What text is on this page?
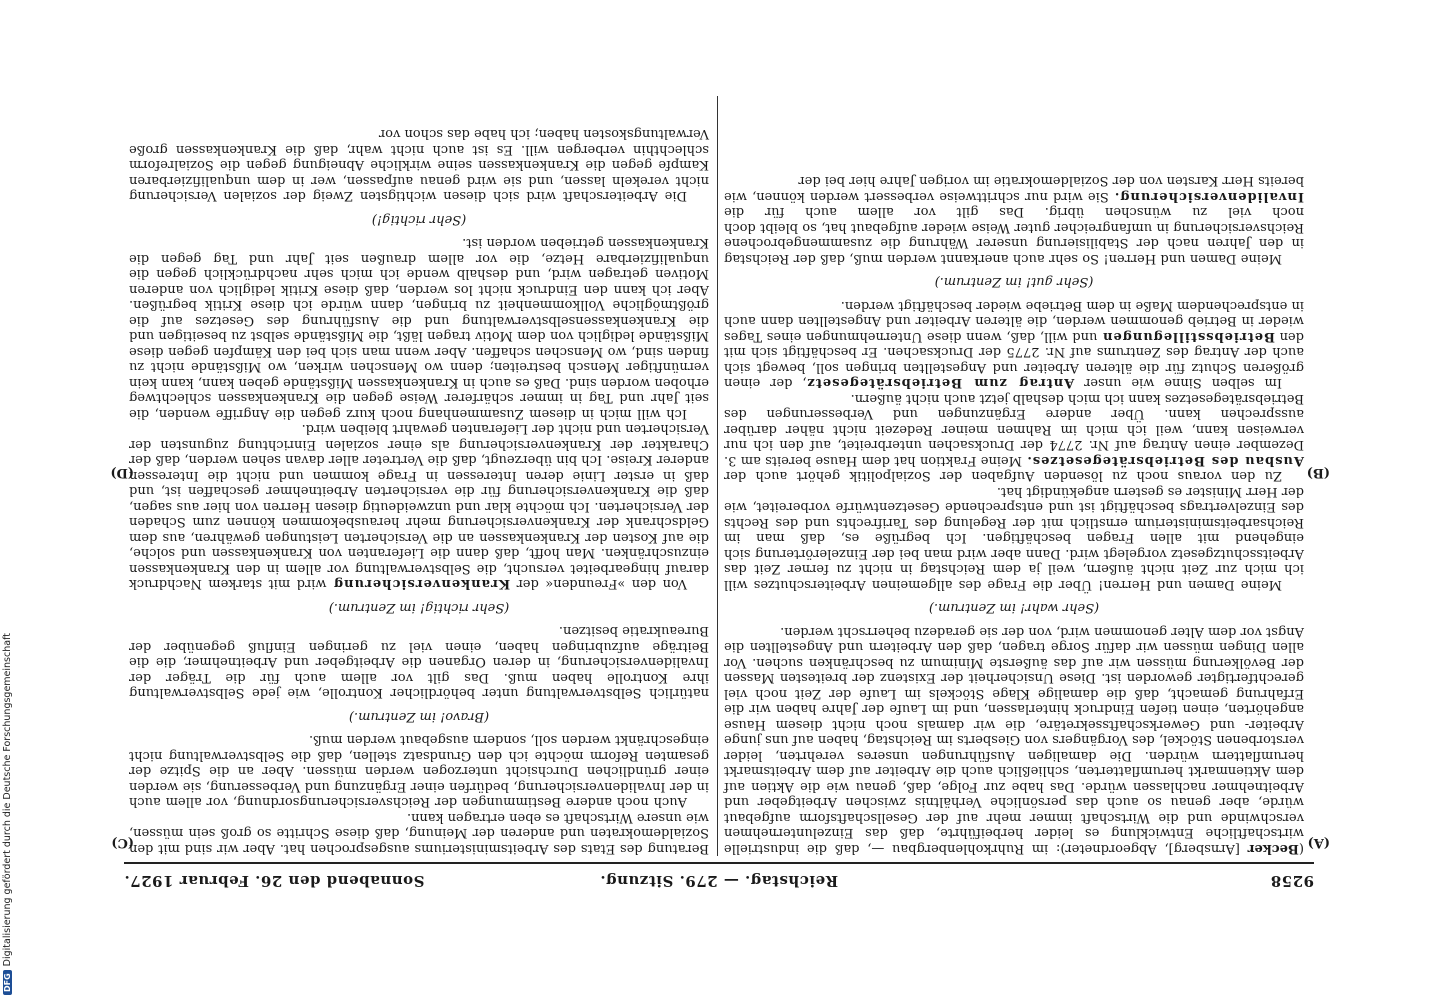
9258
Reichstag. — 279. Sitzung.
Sonnabend den 26. Februar 1927.
(A)
(B)
(C)
(D)

(Becker [Arnsberg], Abgeordneter): im Ruhrkohlenbergbau —, daß die industrielle wirtschaftliche Entwicklung es leider herbeiführte, daß das Einzelunternehmen verschwinde und die Wirtschaft immer mehr auf der Gesellschaftsform aufgebaut würde, aber genau so auch das persönliche Verhältnis zwischen Arbeitgeber und Arbeitnehmer nachlassen würde. Das habe zur Folge, daß, genau wie die Aktien auf dem Aktienmarkt herumflatterten, schließlich auch die Arbeiter auf dem Arbeitsmarkt herumflattern würden. Die damaligen Ausführungen unseres verehrten, leider verstorbenen Stöckel, des Vorgängers von Giesberts im Reichstag, haben auf uns junge Arbeiter- und Gewerkschaftssekretäre, die wir damals noch nicht diesem Hause angehörten, einen tiefen Eindruck hinterlassen, und im Laufe der Jahre haben wir die Erfahrung gemacht, daß die damalige Klage Stöckels im Laufe der Zeit noch viel gerechtfertigter geworden ist. Diese Unsicherheit der Existenz der breitesten Massen der Bevölkerung müssen wir auf das äußerste Minimum zu beschränken suchen. Vor allen Dingen müssen wir dafür Sorge tragen, daß den Arbeitern und Angestellten die Angst vor dem Alter genommen wird, von der sie geradezu beherrscht werden.

(Sehr wahr! im Zentrum.)

Meine Damen und Herren! Über die Frage des allgemeinen Arbeiterschutzes will ich mich zur Zeit nicht äußern, weil ja dem Reichstag in nicht zu ferner Zeit das Arbeitsschutzgesetz vorgelegt wird. Dann aber wird man bei der Einzelerörterung sich eingehend mit allen Fragen beschäftigen. Ich begrüße es, daß man im Reichsarbeitsministerium ernstlich mit der Regelung des Tarifrechts und des Rechts des Einzelvertrags beschäftigt ist und entsprechende Gesetzentwürfe vorbereitet, wie der Herr Minister es gestern angekündigt hat.

Zu den voraus noch zu lösenden Aufgaben der Sozialpolitik gehört auch der Ausbau des Betriebsrätegesetzes. Meine Fraktion hat dem Hause bereits am 3. Dezember einen Antrag auf Nr. 2774 der Drucksachen unterbreitet, auf den ich nur verweisen kann, weil ich mich im Rahmen meiner Redezeit nicht näher darüber aussprechen kann. Über andere Ergänzungen und Verbesserungen des Betriebsrätegesetzes kann ich mich deshalb jetzt auch nicht äußern.

Im selben Sinne wie unser Antrag zum Betriebsrätegesetz, der einen größeren Schutz für die älteren Arbeiter und Angestellten bringen soll, bewegt sich auch der Antrag des Zentrums auf Nr. 2775 der Drucksachen. Er beschäftigt sich mit den Betriebsstillegungen und will, daß, wenn diese Unternehmungen eines Tages wieder in Betrieb genommen werden, die älteren Arbeiter und Angestellten dann auch in entsprechendem Maße in dem Betriebe wieder beschäftigt werden.

(Sehr gut! im Zentrum.)

Meine Damen und Herren! So sehr auch anerkannt werden muß, daß der Reichstag in den Jahren nach der Stabilisierung unserer Währung die zusammengebrochene Reichsversicherung in umfangreicher guter Weise wieder aufgebaut hat, so bleibt doch noch viel zu wünschen übrig. Das gilt vor allem auch für die Invalidenversicherung. Sie wird nur schrittweise verbessert werden können, wie bereits Herr Karsten von der Sozialdemokratie im vorigen Jahre hier bei der

Beratung des Etats des Arbeitsministeriums ausgesprochen hat. Aber wir sind mit den Sozialdemokraten und anderen der Meinung, daß diese Schritte so groß sein müssen, wie unsere Wirtschaft es eben ertragen kann.

Auch noch andere Bestimmungen der Reichsversicherungsordnung, vor allem auch in der Invalidenversicherung, bedürfen einer Ergänzung und Verbesserung, sie werden einer gründlichen Durchsicht unterzogen werden müssen. Aber an die Spitze der gesamten Reform möchte ich den Grundsatz stellen, daß die Selbstverwaltung nicht eingeschränkt werden soll, sondern ausgebaut werden muß.

(Bravo! im Zentrum.)

natürlich Selbstverwaltung unter behördlicher Kontrolle, wie jede Selbstverwaltung ihre Kontrolle haben muß. Das gilt vor allem auch für die Träger der Invalidenversicherung, in deren Organen die Arbeitgeber und Arbeitnehmer, die die Beiträge aufzubringen haben, einen viel zu geringen Einfluß gegenüber der Bureaukratie besitzen.

(Sehr richtig! im Zentrum.)

Von den »Freunden« der Krankenversicherung wird mit starkem Nachdruck darauf hingearbeitet versucht, die Selbstverwaltung vor allem in den Krankenkassen einzuschränken. Man hofft, daß dann die Lieferanten von Krankenkassen und solche, die auf Kosten der Krankenkassen an die Versicherten Leistungen gewähren, aus dem Geldschrank der Krankenversicherung mehr herausbekommen können zum Schaden der Versicherten. Ich möchte klar und unzweideutig diesen Herren von hier aus sagen, daß die Krankenversicherung für die versicherten Arbeitnehmer geschaffen ist, und daß in erster Linie deren Interessen in Frage kommen und nicht die Interessen anderer Kreise. Ich bin überzeugt, daß die Vertreter aller davan sehen werden, daß der Charakter der Krankenversicherung als einer sozialen Einrichtung zugunsten der Versicherten und nicht der Lieferanten gewahrt bleiben wird.

Ich will mich in diesem Zusammenhang noch kurz gegen die Angriffe wenden, die seit Jahr und Tag in immer schärferer Weise gegen die Krankenkassen schlechtweg erhoben worden sind. Daß es auch in Krankenkassen Mißstände geben kann, kann kein vernünftiger Mensch bestreiten; denn wo Menschen wirken, wo Mißstände nicht zu finden sind, wo Menschen schaffen. Aber wenn man sich bei den Kämpfen gegen diese Mißstände lediglich von dem Motiv tragen läßt, die Mißstände selbst zu beseitigen und die Krankenkassenselbstverwaltung und die Ausführung des Gesetzes auf die größtmögliche Vollkommenheit zu bringen, dann würde ich diese Kritik begrüßen. Aber ich kann den Eindruck nicht los werden, daß diese Kritik lediglich von anderen Motiven getragen wird, und deshalb wende ich mich sehr nachdrücklich gegen die unqualifizierbare Hetze, die vor allem draußen seit Jahr und Tag gegen die Krankenkassen getrieben worden ist.

(Sehr richtig!)

Die Arbeiterschaft wird sich diesen wichtigsten Zweig der sozialen Versicherung nicht verekeln lassen, und sie wird genau aufpassen, wer in dem unqualifizierbaren Kampfe gegen die Krankenkassen seine wirkliche Abneigung gegen die Sozialreform schlechthin verbergen will. Es ist auch nicht wahr, daß die Krankenkassen große Verwaltungskosten haben; ich habe das schon vor

DFGDigitalisierung gefördert durch die Deutsche Forschungsgemeinschaft
